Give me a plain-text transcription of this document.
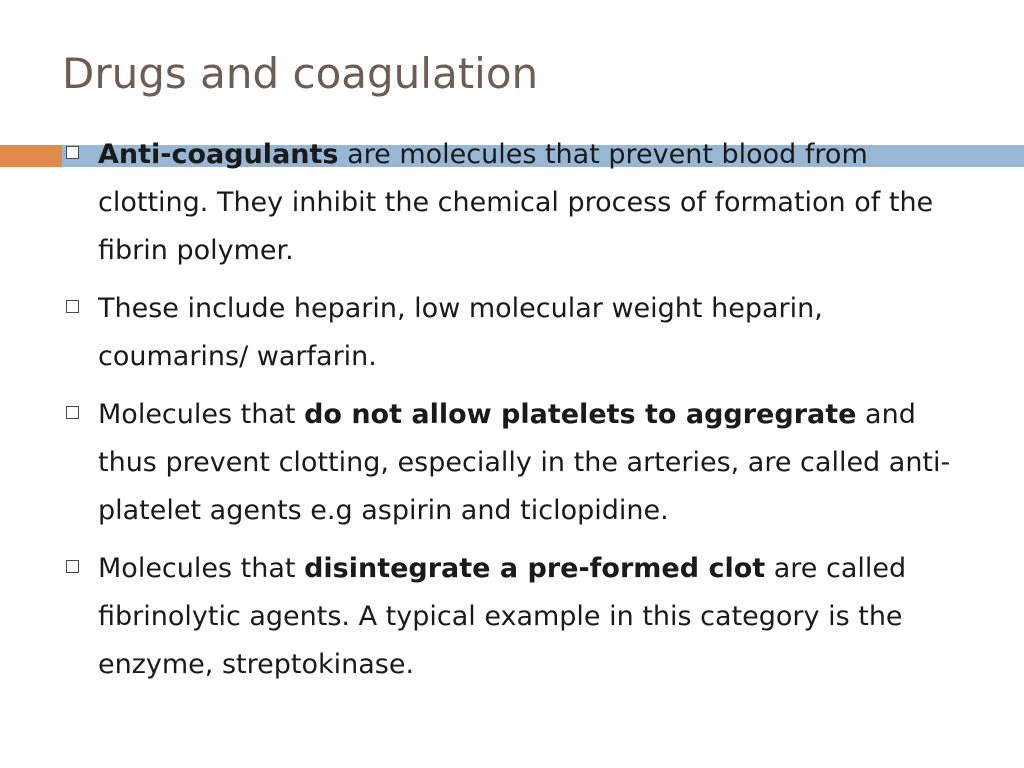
Drugs and coagulation
Anti-coagulants are molecules that prevent blood from clotting. They inhibit the chemical process of formation of the fibrin polymer.
These include heparin, low molecular weight heparin, coumarins/ warfarin.
Molecules that do not allow platelets to aggregrate and thus prevent clotting, especially in the arteries, are called anti-platelet agents e.g aspirin and ticlopidine.
Molecules that disintegrate a pre-formed clot are called fibrinolytic agents. A typical example in this category is the enzyme, streptokinase.
